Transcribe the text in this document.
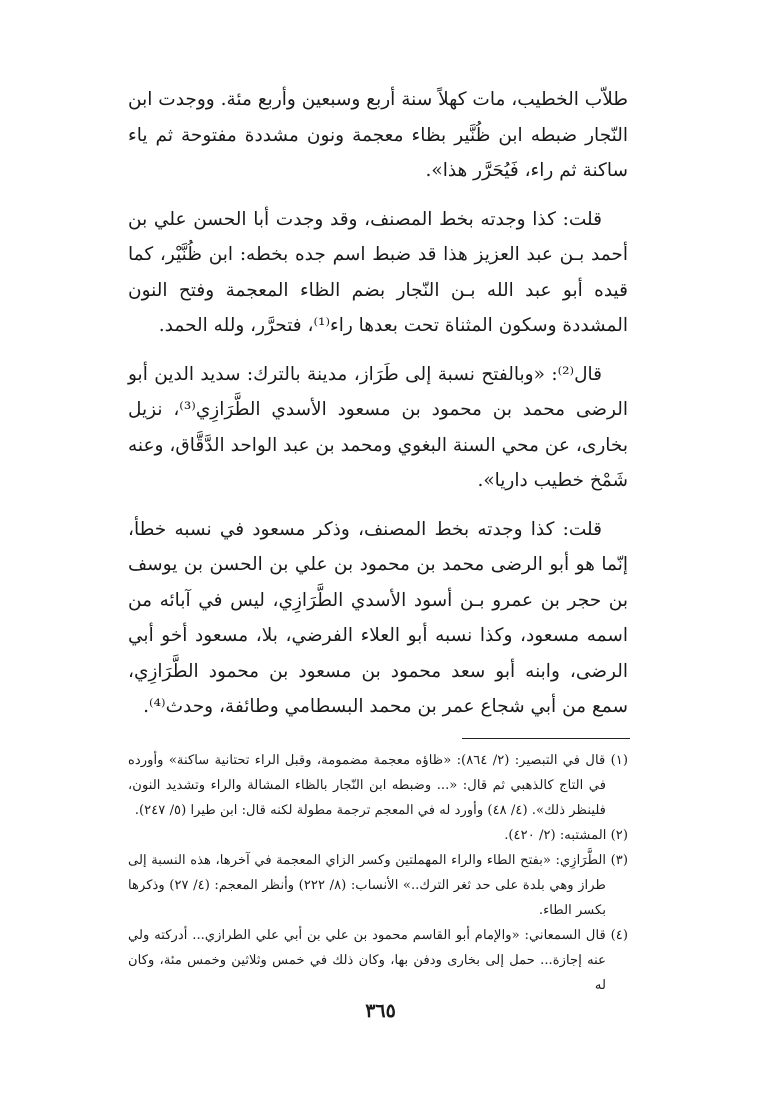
طلاّب الخطيب، مات كهلاً سنة أربع وسبعين وأربع مئة. ووجدت ابن النّجار ضبطه ابن ظُنَّير بظاء معجمة ونون مشددة مفتوحة ثم ياء ساكنة ثم راء، فَيُحَرَّر هذا».

قلت: كذا وجدته بخط المصنف، وقد وجدت أبا الحسن علي بن أحمد بـن عبد العزيز هذا قد ضبط اسم جده بخطه: ابن ظُنَّيْر، كما قيده أبو عبد الله بـن النّجار بضم الظاء المعجمة وفتح النون المشددة وسكون المثناة تحت بعدها راء⁽¹⁾، فتحرَّر، ولله الحمد.

قال⁽²⁾: «وبالفتح نسبة إلى طَرَاز، مدينة بالترك: سديد الدين أبو الرضى محمد بن محمود بن مسعود الأسدي الطَّرَازِي⁽³⁾، نزيل بخارى، عن محي السنة البغوي ومحمد بن عبد الواحد الدَّقَّاق، وعنه شَمْخ خطيب داريا».

قلت: كذا وجدته بخط المصنف، وذكر مسعود في نسبه خطأ، إنّما هو أبو الرضى محمد بن محمود بن علي بن الحسن بن يوسف بن حجر بن عمرو بـن أسود الأسدي الطَّرَازِي، ليس في آبائه من اسمه مسعود، وكذا نسبه أبو العلاء الفرضي، بلا، مسعود أخو أبي الرضى، وابنه أبو سعد محمود بن مسعود بن محمود الطَّرَازِي، سمع من أبي شجاع عمر بن محمد البسطامي وطائفة، وحدث⁽⁴⁾.

(١) قال في التبصير: (٢/ ٨٦٤): «ظاؤه معجمة مضمومة، وقبل الراء تحتانية ساكنة» وأورده في التاج كالذهبي ثم قال: «... وضبطه ابن النّجار بالظاء المشالة والراء وتشديد النون، فلينظر ذلك». (٤/ ٤٨) وأورد له في المعجم ترجمة مطولة لكنه قال: ابن طيرا (٥/ ٢٤٧).

(٢) المشتبه: (٢/ ٤٢٠).

(٣) الطَّرَازِي: «بفتح الطاء والراء المهملتين وكسر الزاي المعجمة في آخرها، هذه النسبة إلى طراز وهي بلدة على حد ثغر الترك..» الأنساب: (٨/ ٢٢٢) وأنظر المعجم: (٤/ ٢٧) وذكرها بكسر الطاء.

(٤) قال السمعاني: «والإمام أبو القاسم محمود بن علي بن أبي علي الطرازي... أدركته ولي عنه إجازة... حمل إلى بخارى ودفن بها، وكان ذلك في خمس وثلاثين وخمس مئة، وكان له

٣٦٥
